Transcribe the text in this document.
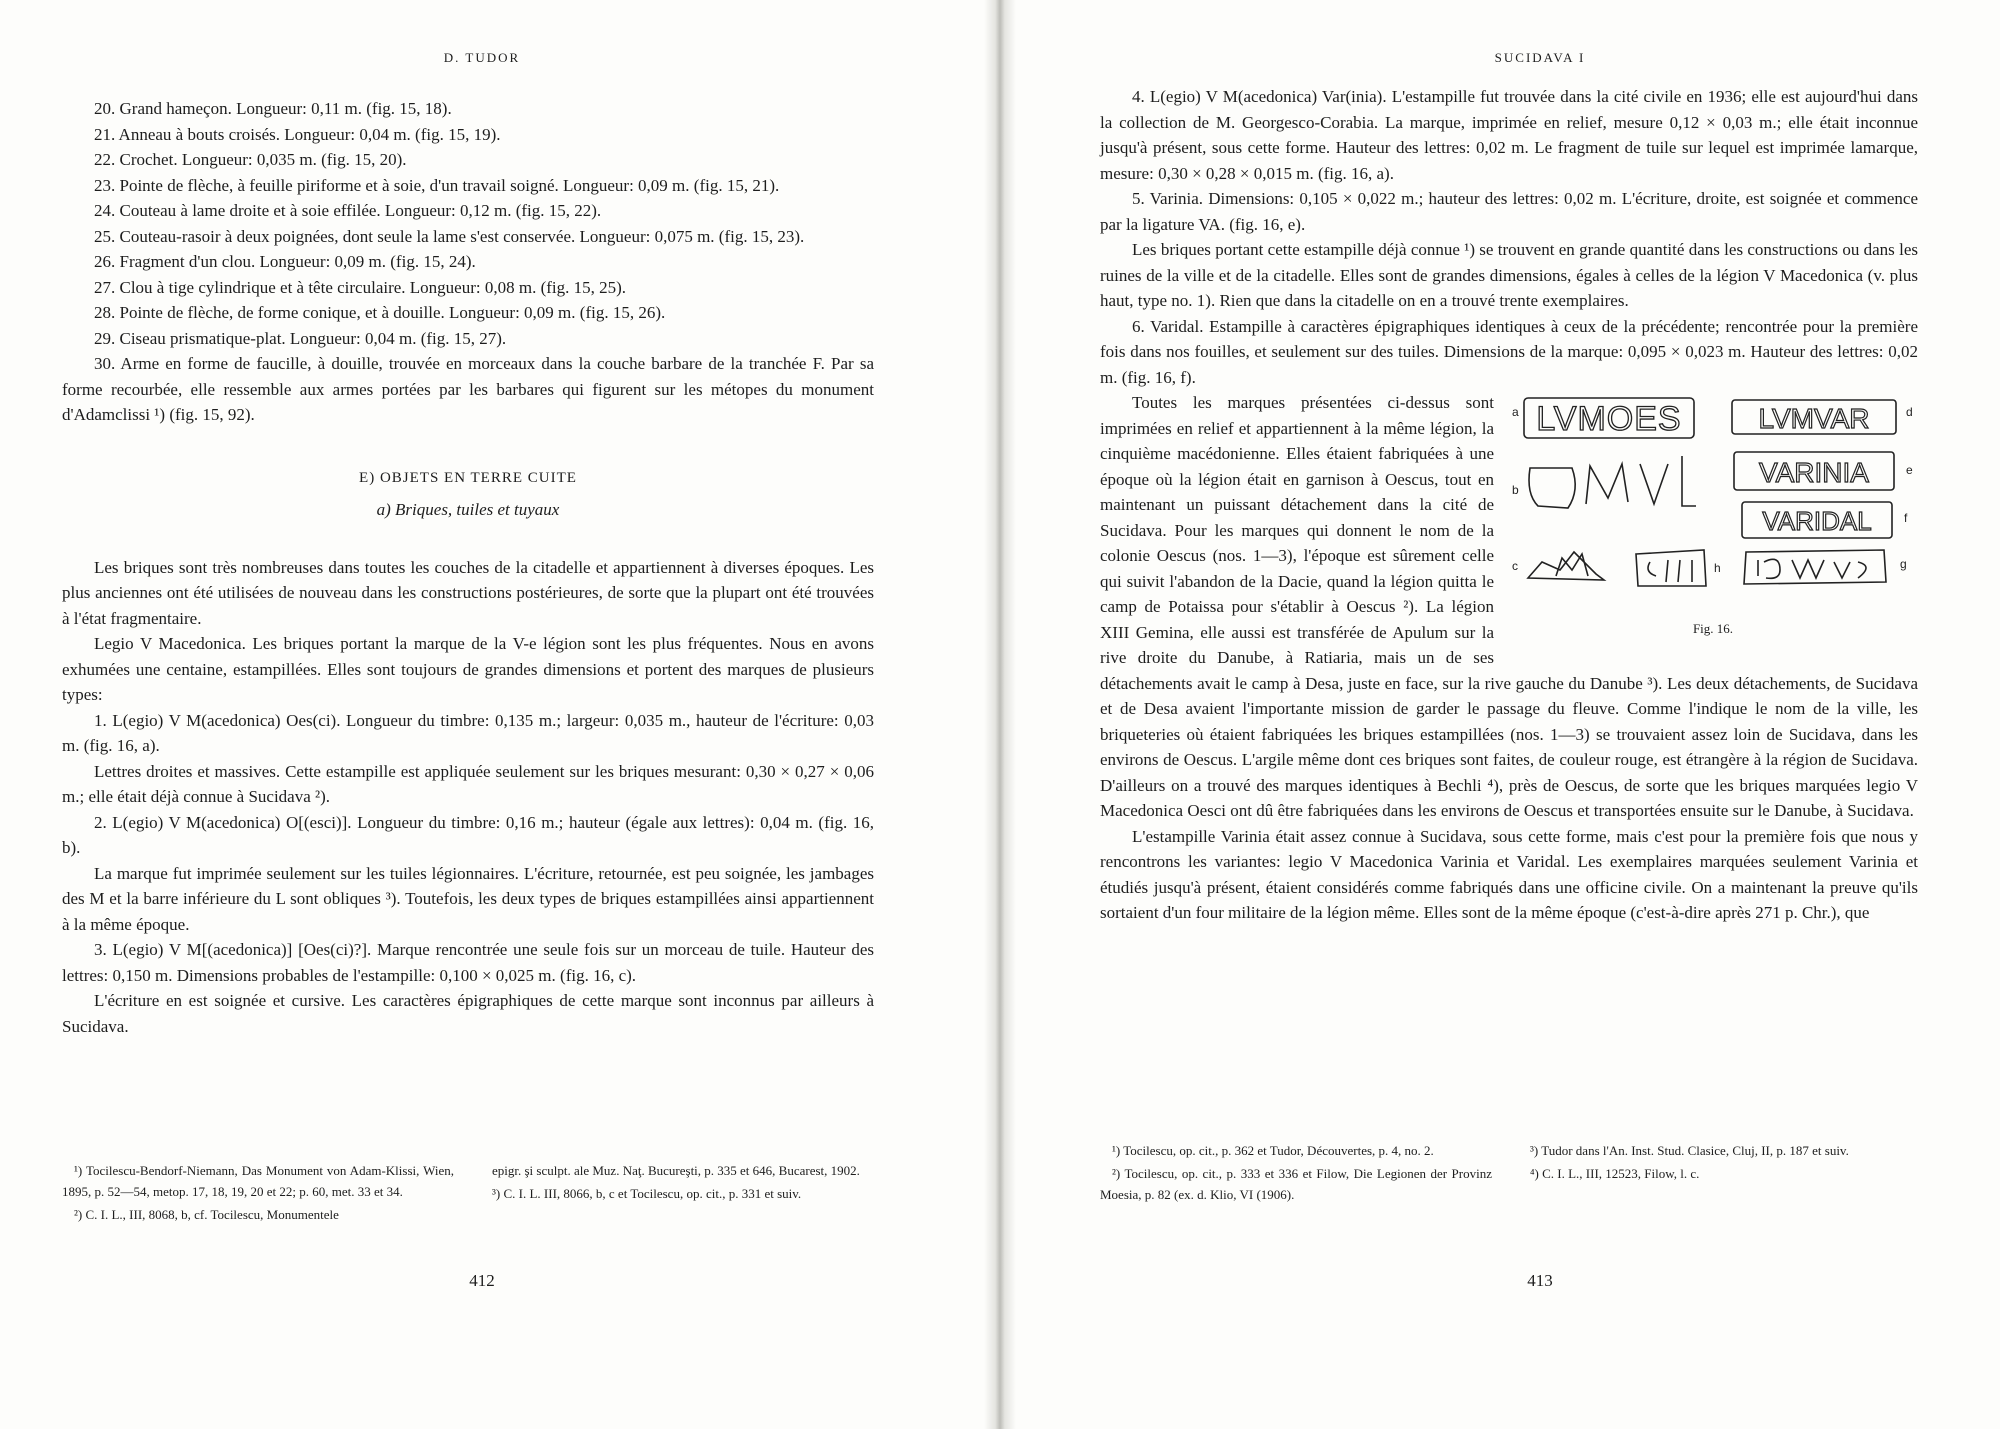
D. TUDOR

20. Grand hameçon. Longueur: 0,11 m. (fig. 15, 18).

21. Anneau à bouts croisés. Longueur: 0,04 m. (fig. 15, 19).

22. Crochet. Longueur: 0,035 m. (fig. 15, 20).

23. Pointe de flèche, à feuille piriforme et à soie, d'un travail soigné. Longueur: 0,09 m. (fig. 15, 21).

24. Couteau à lame droite et à soie effilée. Longueur: 0,12 m. (fig. 15, 22).

25. Couteau-rasoir à deux poignées, dont seule la lame s'est conservée. Longueur: 0,075 m. (fig. 15, 23).

26. Fragment d'un clou. Longueur: 0,09 m. (fig. 15, 24).

27. Clou à tige cylindrique et à tête circulaire. Longueur: 0,08 m. (fig. 15, 25).

28. Pointe de flèche, de forme conique, et à douille. Longueur: 0,09 m. (fig. 15, 26).

29. Ciseau prismatique-plat. Longueur: 0,04 m. (fig. 15, 27).

30. Arme en forme de faucille, à douille, trouvée en morceaux dans la couche barbare de la tranchée F. Par sa forme recourbée, elle ressemble aux armes portées par les barbares qui figurent sur les métopes du monument d'Adamclissi ¹) (fig. 15, 92).

E) OBJETS EN TERRE CUITE

a) Briques, tuiles et tuyaux

Les briques sont très nombreuses dans toutes les couches de la citadelle et appartiennent à diverses époques. Les plus anciennes ont été utilisées de nouveau dans les constructions postérieures, de sorte que la plupart ont été trouvées à l'état fragmentaire.

Legio V Macedonica. Les briques portant la marque de la V-e légion sont les plus fréquentes. Nous en avons exhumées une centaine, estampillées. Elles sont toujours de grandes dimensions et portent des marques de plusieurs types:

1. L(egio) V M(acedonica) Oes(ci). Longueur du timbre: 0,135 m.; largeur: 0,035 m., hauteur de l'écriture: 0,03 m. (fig. 16, a).

Lettres droites et massives. Cette estampille est appliquée seulement sur les briques mesurant: 0,30 × 0,27 × 0,06 m.; elle était déjà connue à Sucidava ²).

2. L(egio) V M(acedonica) O[(esci)]. Longueur du timbre: 0,16 m.; hauteur (égale aux lettres): 0,04 m. (fig. 16, b).

La marque fut imprimée seulement sur les tuiles légionnaires. L'écriture, retournée, est peu soignée, les jambages des M et la barre inférieure du L sont obliques ³). Toutefois, les deux types de briques estampillées ainsi appartiennent à la même époque.

3. L(egio) V M[(acedonica)] [Oes(ci)?]. Marque rencontrée une seule fois sur un morceau de tuile. Hauteur des lettres: 0,150 m. Dimensions probables de l'estampille: 0,100 × 0,025 m. (fig. 16, c).

L'écriture en est soignée et cursive. Les caractères épigraphiques de cette marque sont inconnus par ailleurs à Sucidava.

¹) Tocilescu-Bendorf-Niemann, Das Monument von Adam-Klissi, Wien, 1895, p. 52—54, metop. 17, 18, 19, 20 et 22; p. 60, met. 33 et 34.

²) C. I. L., III, 8068, b, cf. Tocilescu, Monumentele

epigr. şi sculpt. ale Muz. Naţ. Bucureşti, p. 335 et 646, Bucarest, 1902.

³) C. I. L. III, 8066, b, c et Tocilescu, op. cit., p. 331 et suiv.

412
SUCIDAVA I

4. L(egio) V M(acedonica) Var(inia). L'estampille fut trouvée dans la cité civile en 1936; elle est aujourd'hui dans la collection de M. Georgesco-Corabia. La marque, imprimée en relief, mesure 0,12 × 0,03 m.; elle était inconnue jusqu'à présent, sous cette forme. Hauteur des lettres: 0,02 m. Le fragment de tuile sur lequel est imprimée lamarque, mesure: 0,30 × 0,28 × 0,015 m. (fig. 16, a).

5. Varinia. Dimensions: 0,105 × 0,022 m.; hauteur des lettres: 0,02 m. L'écriture, droite, est soignée et commence par la ligature VA. (fig. 16, e).

Les briques portant cette estampille déjà connue ¹) se trouvent en grande quantité dans les constructions ou dans les ruines de la ville et de la citadelle. Elles sont de grandes dimensions, égales à celles de la légion V Macedonica (v. plus haut, type no. 1). Rien que dans la citadelle on en a trouvé trente exemplaires.

6. Varidal. Estampille à caractères épigraphiques identiques à ceux de la précédente; rencontrée pour la première fois dans nos fouilles, et seulement sur des tuiles. Dimensions de la marque: 0,095 × 0,023 m. Hauteur des lettres: 0,02 m. (fig. 16, f).

a LVMOES	LVMVAR	d
b
VARINIA	e
VARIDAL	f
c	h	g
Fig. 16.

Toutes les marques présentées ci-dessus sont imprimées en relief et appartiennent à la même légion, la cinquième macédonienne. Elles étaient fabriquées à une époque où la légion était en garnison à Oescus, tout en maintenant un puissant détachement dans la cité de Sucidava. Pour les marques qui donnent le nom de la colonie Oescus (nos. 1—3), l'époque est sûrement celle qui suivit l'abandon de la Dacie, quand la légion quitta le camp de Potaissa pour s'établir à Oescus ²). La légion XIII Gemina, elle aussi est transférée de Apulum sur la rive droite du Danube, à Ratiaria, mais un de ses détachements avait le camp à Desa, juste en face, sur la rive gauche du Danube ³). Les deux détachements, de Sucidava et de Desa avaient l'importante mission de garder le passage du fleuve. Comme l'indique le nom de la ville, les briqueteries où étaient fabriquées les briques estampillées (nos. 1—3) se trouvaient assez loin de Sucidava, dans les environs de Oescus. L'argile même dont ces briques sont faites, de couleur rouge, est étrangère à la région de Sucidava. D'ailleurs on a trouvé des marques identiques à Bechli ⁴), près de Oescus, de sorte que les briques marquées legio V Macedonica Oesci ont dû être fabriquées dans les environs de Oescus et transportées ensuite sur le Danube, à Sucidava.

L'estampille Varinia était assez connue à Sucidava, sous cette forme, mais c'est pour la première fois que nous y rencontrons les variantes: legio V Macedonica Varinia et Varidal. Les exemplaires marquées seulement Varinia et étudiés jusqu'à présent, étaient considérés comme fabriqués dans une officine civile. On a maintenant la preuve qu'ils sortaient d'un four militaire de la légion même. Elles sont de la même époque (c'est-à-dire après 271 p. Chr.), que

¹) Tocilescu, op. cit., p. 362 et Tudor, Découvertes, p. 4, no. 2.

²) Tocilescu, op. cit., p. 333 et 336 et Filow, Die Legionen der Provinz Moesia, p. 82 (ex. d. Klio, VI (1906).

³) Tudor dans l'An. Inst. Stud. Clasice, Cluj, II, p. 187 et suiv.

⁴) C. I. L., III, 12523, Filow, l. c.

413
